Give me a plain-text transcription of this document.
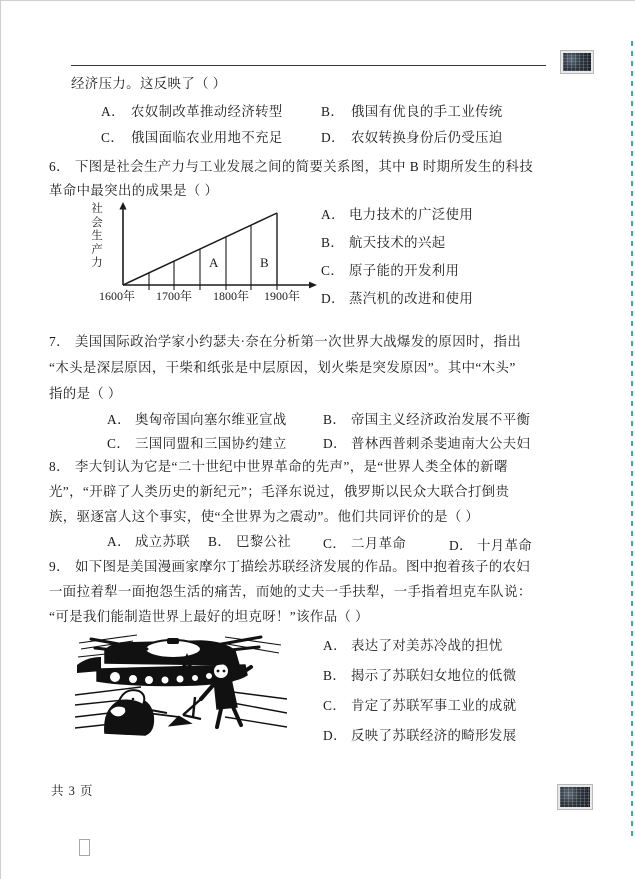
经济压力。这反映了（ ）
A． 农奴制改革推动经济转型	B． 俄国有优良的手工业传统
C． 俄国面临农业用地不充足	D． 农奴转换身份后仍受压迫
6． 下图是社会生产力与工业发展之间的简要关系图，其中 B 时期所发生的科技
革命中最突出的成果是（ ）
A． 电力技术的广泛使用
B． 航天技术的兴起
C． 原子能的开发利用
D． 蒸汽机的改进和使用
社
会
生
产
力	A	B
1600年 1700年 1800年 1900年
7． 美国国际政治学家小约瑟夫·奈在分析第一次世界大战爆发的原因时，指出
“木头是深层原因，干柴和纸张是中层原因，划火柴是突发原因”。其中“木头”
指的是（ ）
A． 奥匈帝国向塞尔维亚宣战	B． 帝国主义经济政治发展不平衡
C． 三国同盟和三国协约建立	D． 普林西普刺杀斐迪南大公夫妇
8． 李大钊认为它是“二十世纪中世界革命的先声”，是“世界人类全体的新曙
光”，“开辟了人类历史的新纪元”；毛泽东说过，俄罗斯以民众大联合打倒贵
族，驱逐富人这个事实，使“全世界为之震动”。他们共同评价的是（ ）
A． 成立苏联 B． 巴黎公社 C． 二月革命	D． 十月革命
9． 如下图是美国漫画家摩尔丁描绘苏联经济发展的作品。图中抱着孩子的农妇
一面拉着犁一面抱怨生活的痛苦，而她的丈夫一手扶犁，一手指着坦克车队说：
“可是我们能制造世界上最好的坦克呀！”该作品（ ）
A． 表达了对美苏冷战的担忧
B． 揭示了苏联妇女地位的低微
C． 肯定了苏联军事工业的成就
D． 反映了苏联经济的畸形发展
共 3 页
